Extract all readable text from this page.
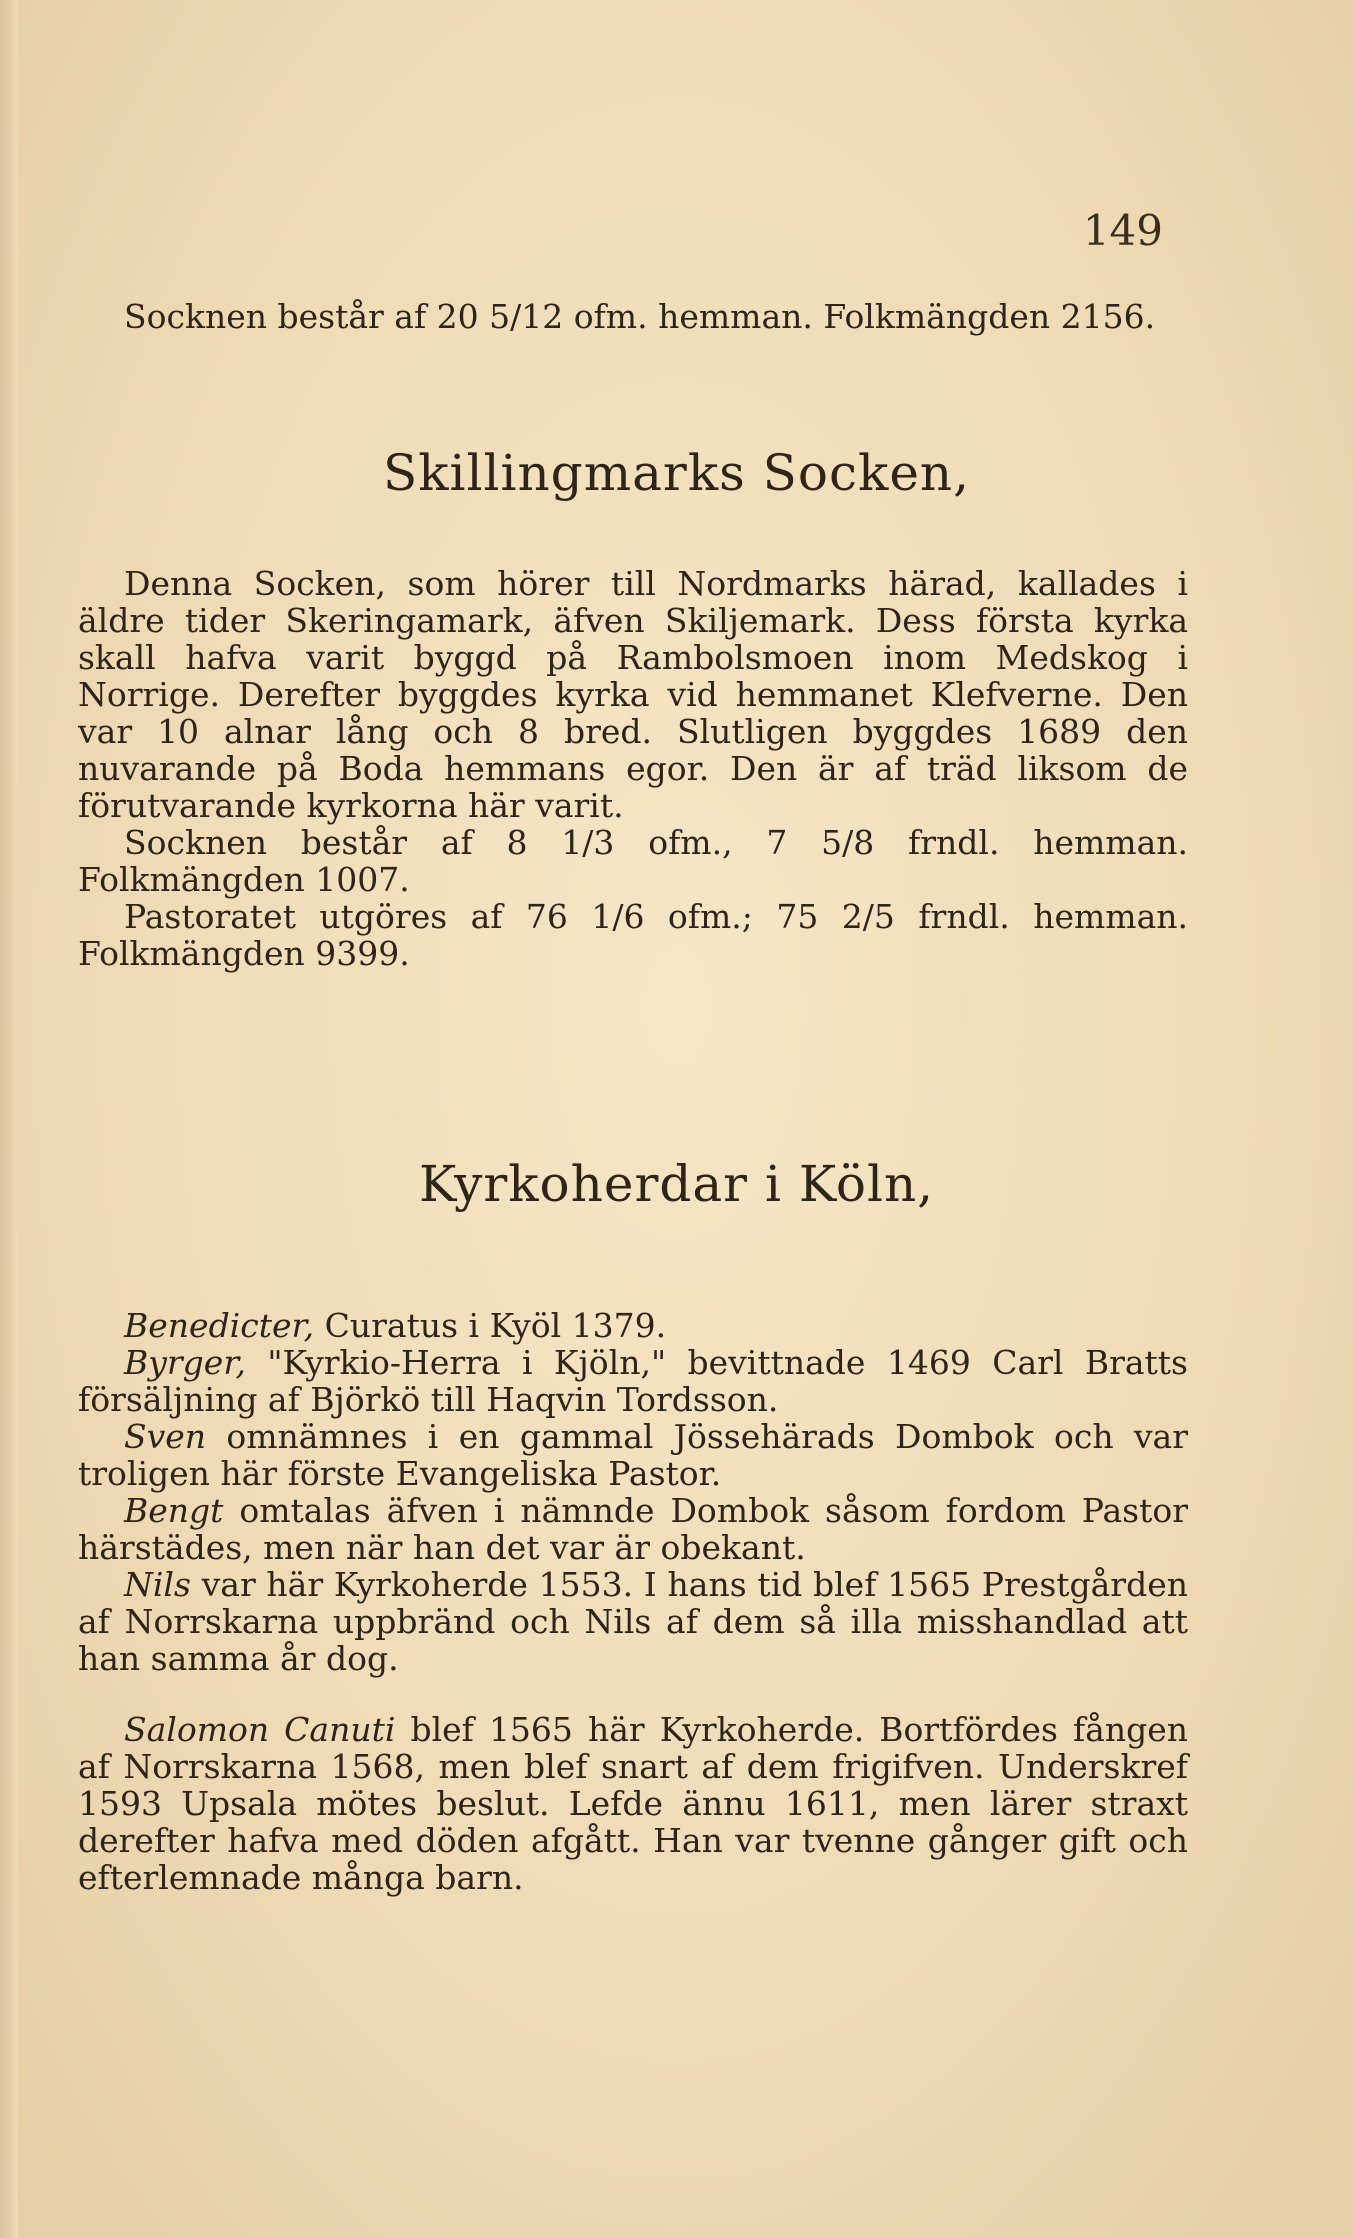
149

Socknen består af 20 5/12 ofm. hemman. Folkmängden 2156.

Skillingmarks Socken,

Denna Socken, som hörer till Nordmarks härad, kallades i äldre tider Skeringamark, äfven Skiljemark. Dess första kyrka skall hafva varit byggd på Rambolsmoen inom Medskog i Norrige. Derefter byggdes kyrka vid hemmanet Klefverne. Den var 10 alnar lång och 8 bred. Slutligen byggdes 1689 den nuvarande på Boda hemmans egor. Den är af träd liksom de förutvarande kyrkorna här varit.

Socknen består af 8 1/3 ofm., 7 5/8 frndl. hemman. Folkmängden 1007.

Pastoratet utgöres af 76 1/6 ofm.; 75 2/5 frndl. hemman. Folkmängden 9399.

Kyrkoherdar i Köln,

Benedicter, Curatus i Kyöl 1379.

Byrger, "Kyrkio-Herra i Kjöln," bevittnade 1469 Carl Bratts försäljning af Björkö till Haqvin Tordsson.

Sven omnämnes i en gammal Jössehärads Dombok och var troligen här förste Evangeliska Pastor.

Bengt omtalas äfven i nämnde Dombok såsom fordom Pastor härstädes, men när han det var är obekant.

Nils var här Kyrkoherde 1553. I hans tid blef 1565 Prestgården af Norrskarna uppbränd och Nils af dem så illa misshandlad att han samma år dog.

Salomon Canuti blef 1565 här Kyrkoherde. Bortfördes fången af Norrskarna 1568, men blef snart af dem frigifven. Underskref 1593 Upsala mötes beslut. Lefde ännu 1611, men lärer straxt derefter hafva med döden afgått. Han var tvenne gånger gift och efterlemnade många barn.
